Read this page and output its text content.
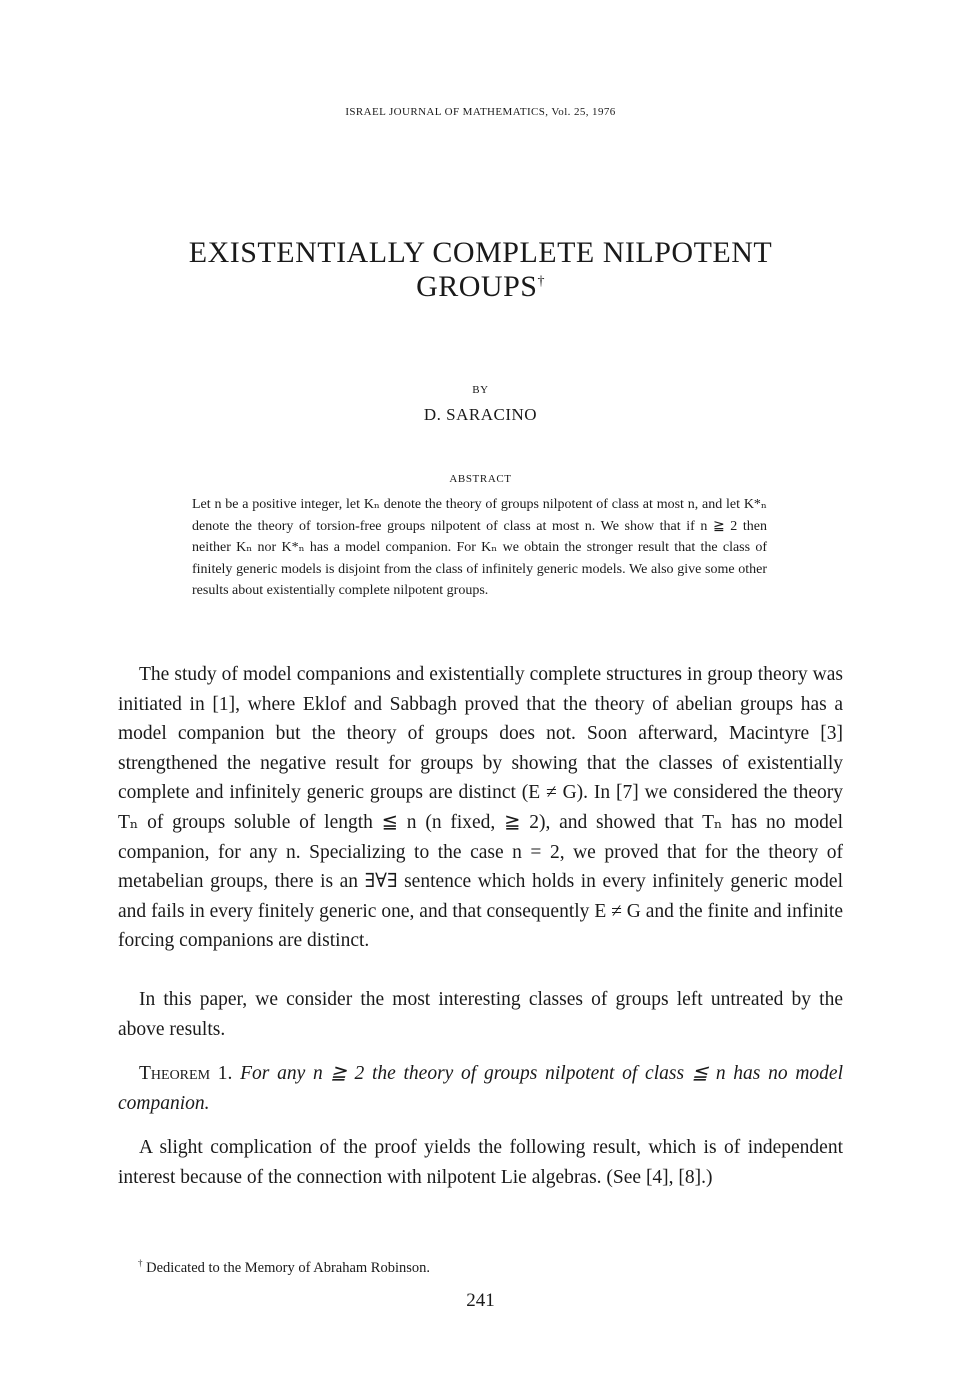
ISRAEL JOURNAL OF MATHEMATICS, Vol. 25, 1976
EXISTENTIALLY COMPLETE NILPOTENT
GROUPS†
BY
D. SARACINO
ABSTRACT

Let n be a positive integer, let Kₙ denote the theory of groups nilpotent of class at most n, and let K*ₙ denote the theory of torsion-free groups nilpotent of class at most n. We show that if n ≧ 2 then neither Kₙ nor K*ₙ has a model companion. For Kₙ we obtain the stronger result that the class of finitely generic models is disjoint from the class of infinitely generic models. We also give some other results about existentially complete nilpotent groups.

The study of model companions and existentially complete structures in group theory was initiated in [1], where Eklof and Sabbagh proved that the theory of abelian groups has a model companion but the theory of groups does not. Soon afterward, Macintyre [3] strengthened the negative result for groups by showing that the classes of existentially complete and infinitely generic groups are distinct (E ≠ G). In [7] we considered the theory Tₙ of groups soluble of length ≦ n (n fixed, ≧ 2), and showed that Tₙ has no model companion, for any n. Specializing to the case n = 2, we proved that for the theory of metabelian groups, there is an ∃∀∃ sentence which holds in every infinitely generic model and fails in every finitely generic one, and that consequently E ≠ G and the finite and infinite forcing companions are distinct.

In this paper, we consider the most interesting classes of groups left untreated by the above results.

Theorem 1. For any n ≧ 2 the theory of groups nilpotent of class ≦ n has no model companion.

A slight complication of the proof yields the following result, which is of independent interest because of the connection with nilpotent Lie algebras. (See [4], [8].)

† Dedicated to the Memory of Abraham Robinson.
241
